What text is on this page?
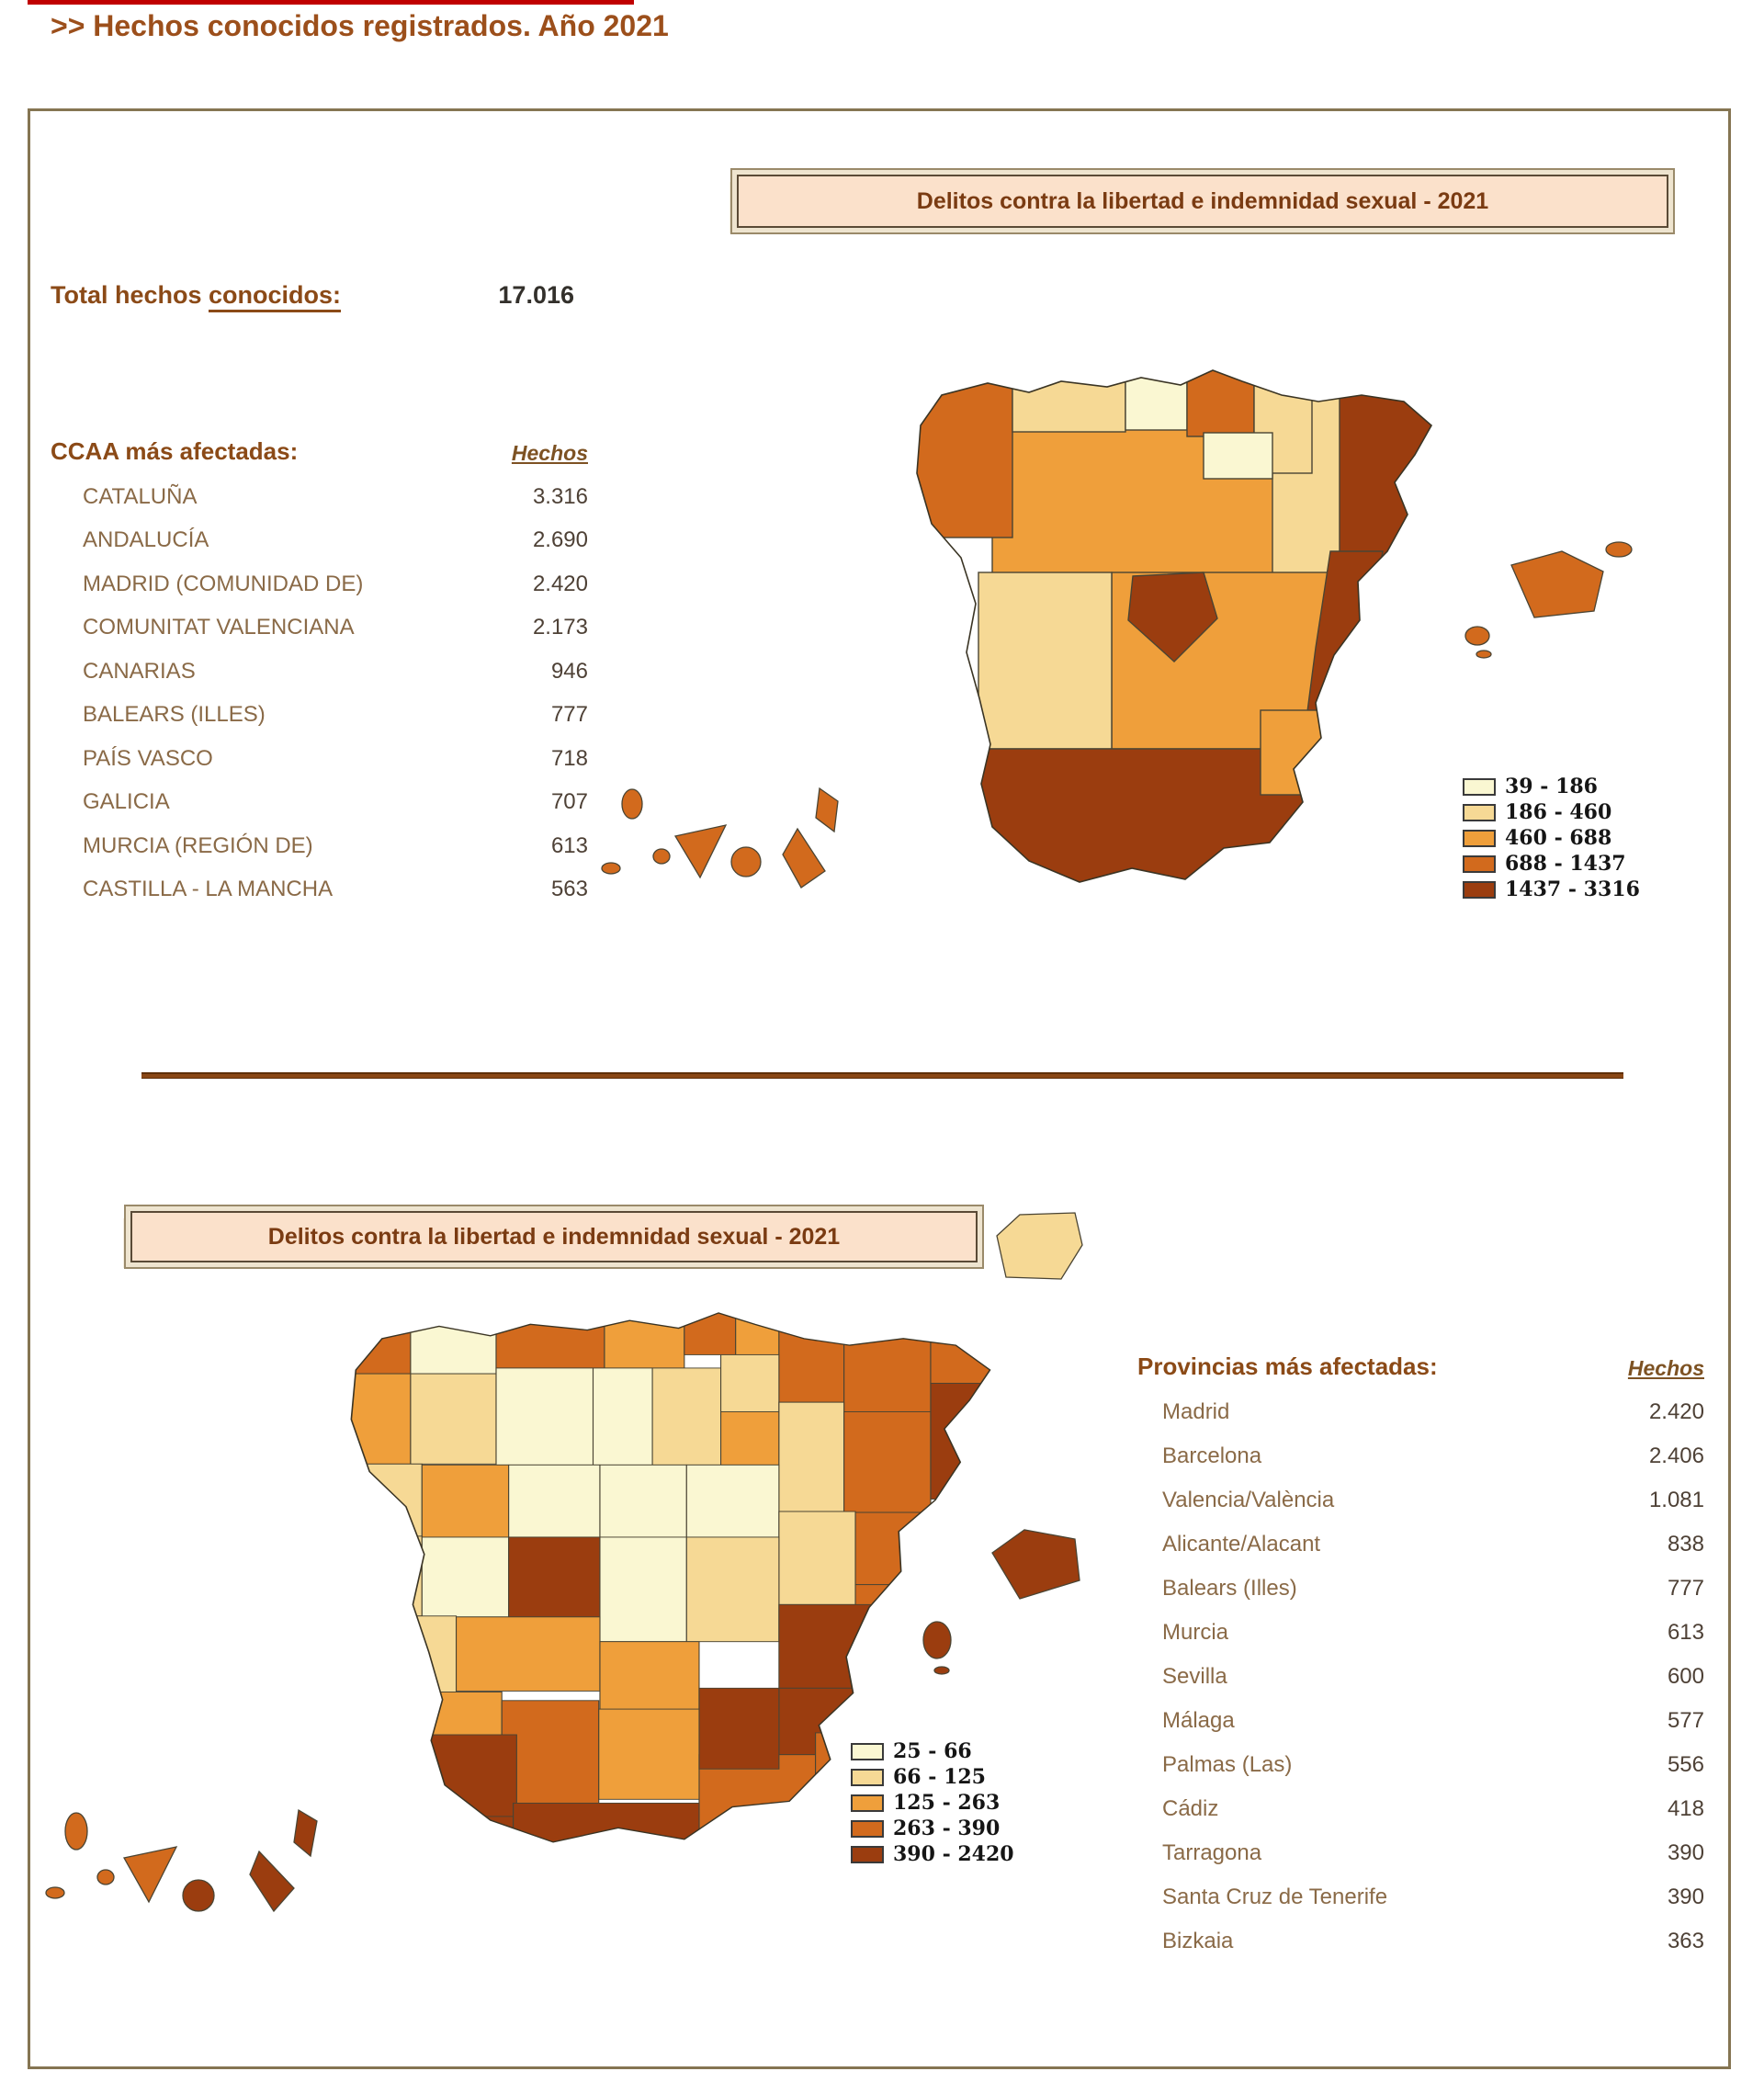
>> Hechos conocidos registrados. Año 2021
Delitos contra la libertad e indemnidad sexual - 2021
Total hechos conocidos:	17.016
CCAA más afectadas:	Hechos
CATALUÑA	3.316
ANDALUCÍA	2.690
MADRID (COMUNIDAD DE)	2.420
COMUNITAT VALENCIANA	2.173
CANARIAS	946
BALEARS (ILLES)	777
PAÍS VASCO	718
GALICIA	707
MURCIA (REGIÓN DE)	613
CASTILLA - LA MANCHA	563
39 - 186
186 - 460
460 - 688
688 - 1437
1437 - 3316
Delitos contra la libertad e indemnidad sexual - 2021
25 - 66
66 - 125
125 - 263
263 - 390
390 - 2420
Provincias más afectadas:	Hechos
Madrid	2.420
Barcelona	2.406
Valencia/València	1.081
Alicante/Alacant	838
Balears (Illes)	777
Murcia	613
Sevilla	600
Málaga	577
Palmas (Las)	556
Cádiz	418
Tarragona	390
Santa Cruz de Tenerife	390
Bizkaia	363
